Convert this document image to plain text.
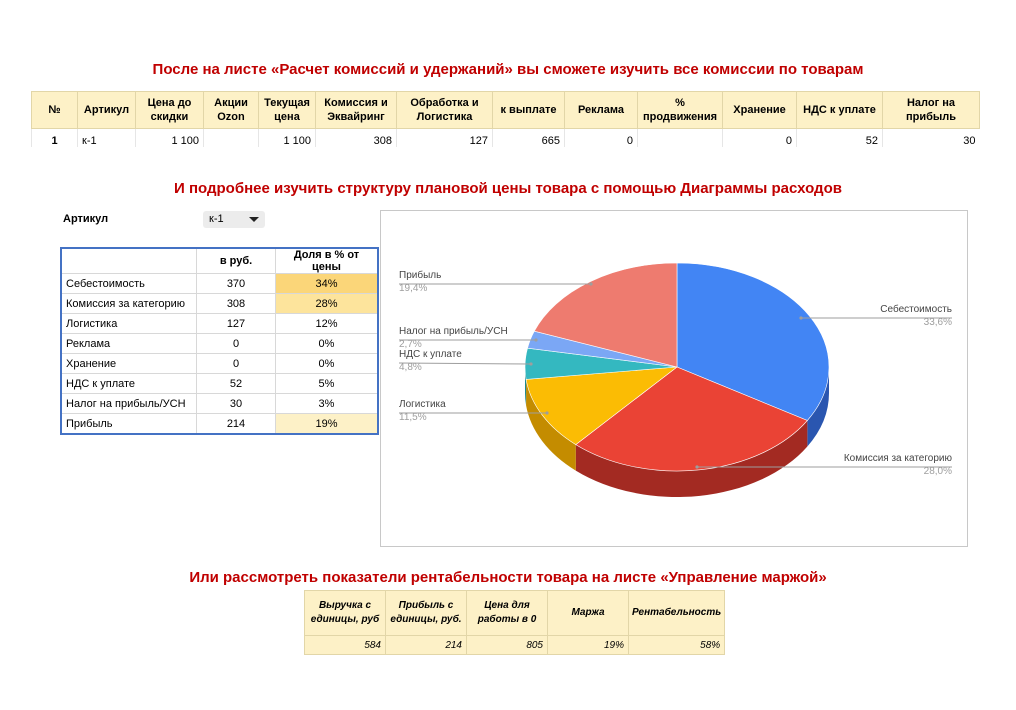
После на листе «Расчет комиссий и удержаний» вы сможете изучить все комиссии по товарам
№	Артикул	Цена до скидки	Акции Ozon	Текущая цена	Комиссия и Эквайринг	Обработка и Логистика	к выплате	Реклама	% продвижения	Хранение	НДС к уплате	Налог на прибыль
1	к-1	1 100		1 100	308	127	665	0		0	52	30
И подробнее изучить структуру плановой цены товара с помощью Диаграммы расходов
Артикул	к-1
	в руб.	Доля в % от цены
Себестоимость	370	34%
Комиссия за категорию	308	28%
Логистика	127	12%
Реклама	0	0%
Хранение	0	0%
НДС к уплате	52	5%
Налог на прибыль/УСН	30	3%
Прибыль	214	19%
Себестоимость
33,6%
Комиссия за категорию
28,0%
Логистика
11,5%
НДС к уплате
4,8%
Налог на прибыль/УСН
2,7%
Прибыль
19,4%
Или рассмотреть показатели рентабельности товара на листе «Управление маржой»
Выручка с единицы, руб	Прибыль с единицы, руб.	Цена для работы в 0	Маржа	Рентабельность
584	214	805	19%	58%
